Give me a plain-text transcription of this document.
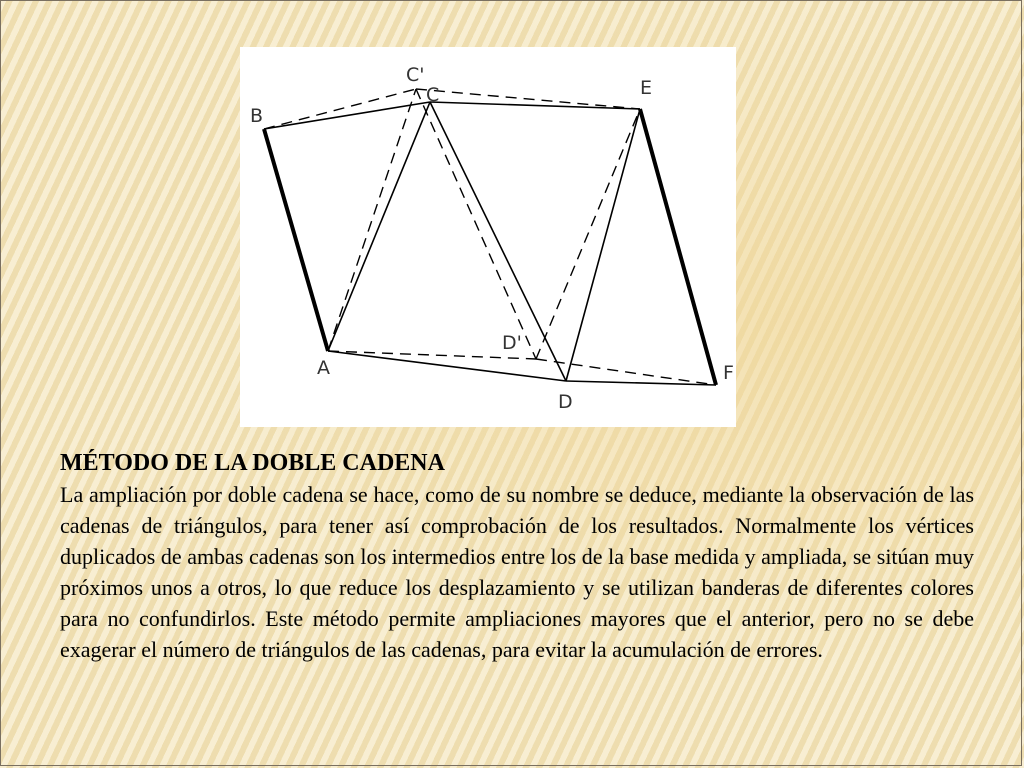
B
C'
C	E
A
D'
D
F

MÉTODO DE LA DOBLE CADENA

La ampliación por doble cadena se hace, como de su nombre se deduce, mediante la observación de las cadenas de triángulos, para tener así comprobación de los resultados. Normalmente los vértices duplicados de ambas cadenas son los intermedios entre los de la base medida y ampliada, se sitúan muy próximos unos a otros, lo que reduce los desplazamiento y se utilizan banderas de diferentes colores para no confundirlos. Este método permite ampliaciones mayores que el anterior, pero no se debe exagerar el número de triángulos de las cadenas, para evitar la acumulación de errores.
